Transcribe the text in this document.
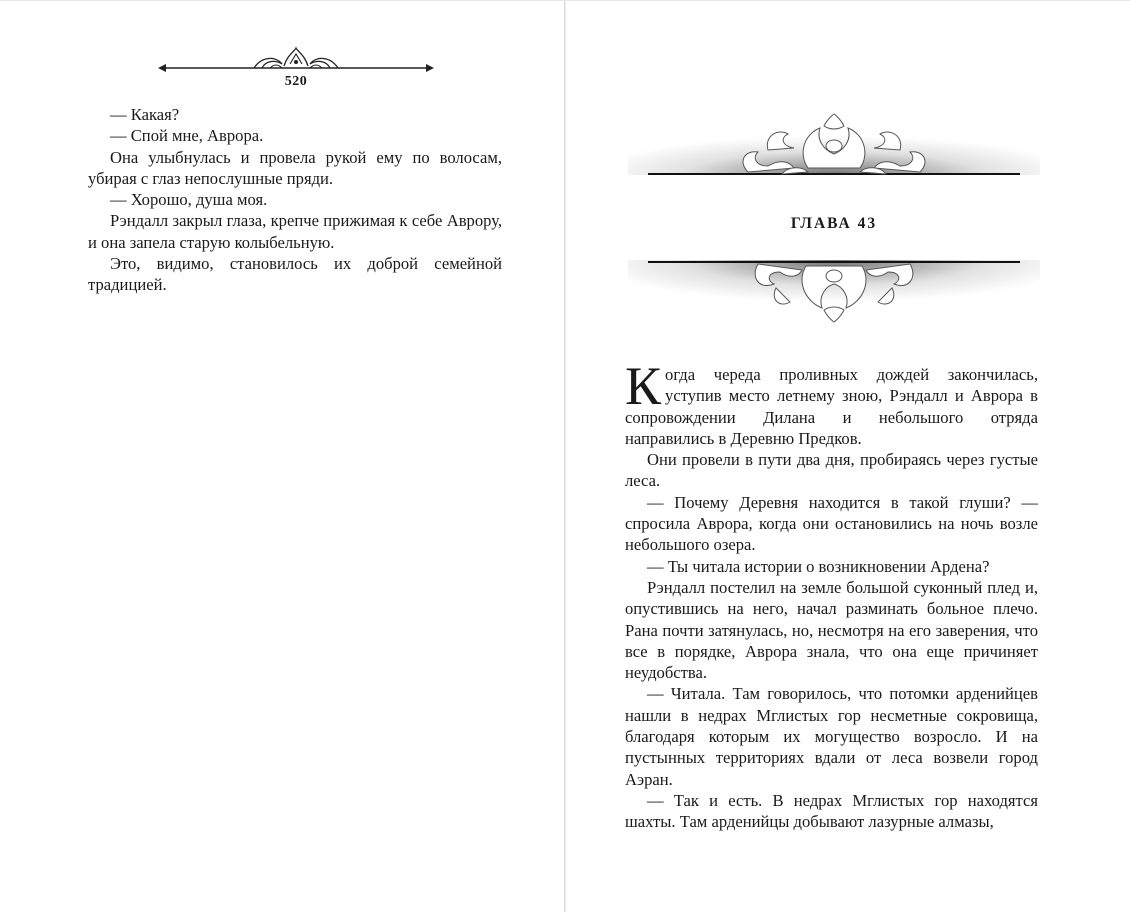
520

— Какая?

— Спой мне, Аврора.

Она улыбнулась и провела рукой ему по волосам, убирая с глаз непослушные пряди.

— Хорошо, душа моя.

Рэндалл закрыл глаза, крепче прижимая к себе Аврору, и она запела старую колыбельную.

Это, видимо, становилось их доброй семейной традицией.

ГЛАВА 43

Когда череда проливных дождей закончилась, уступив место летнему зною, Рэндалл и Аврора в сопровождении Дилана и небольшого отряда направились в Деревню Предков.

Они провели в пути два дня, пробираясь через густые леса.

— Почему Деревня находится в такой глуши? — спросила Аврора, когда они остановились на ночь возле небольшого озера.

— Ты читала истории о возникновении Ардена?

Рэндалл постелил на земле большой суконный плед и, опустившись на него, начал разминать больное плечо. Рана почти затянулась, но, несмотря на его заверения, что все в порядке, Аврора знала, что она еще причиняет неудобства.

— Читала. Там говорилось, что потомки арденийцев нашли в недрах Мглистых гор несметные сокровища, благодаря которым их могущество возросло. И на пустынных территориях вдали от леса возвели город Аэран.

— Так и есть. В недрах Мглистых гор находятся шахты. Там арденийцы добывают лазурные алмазы,
